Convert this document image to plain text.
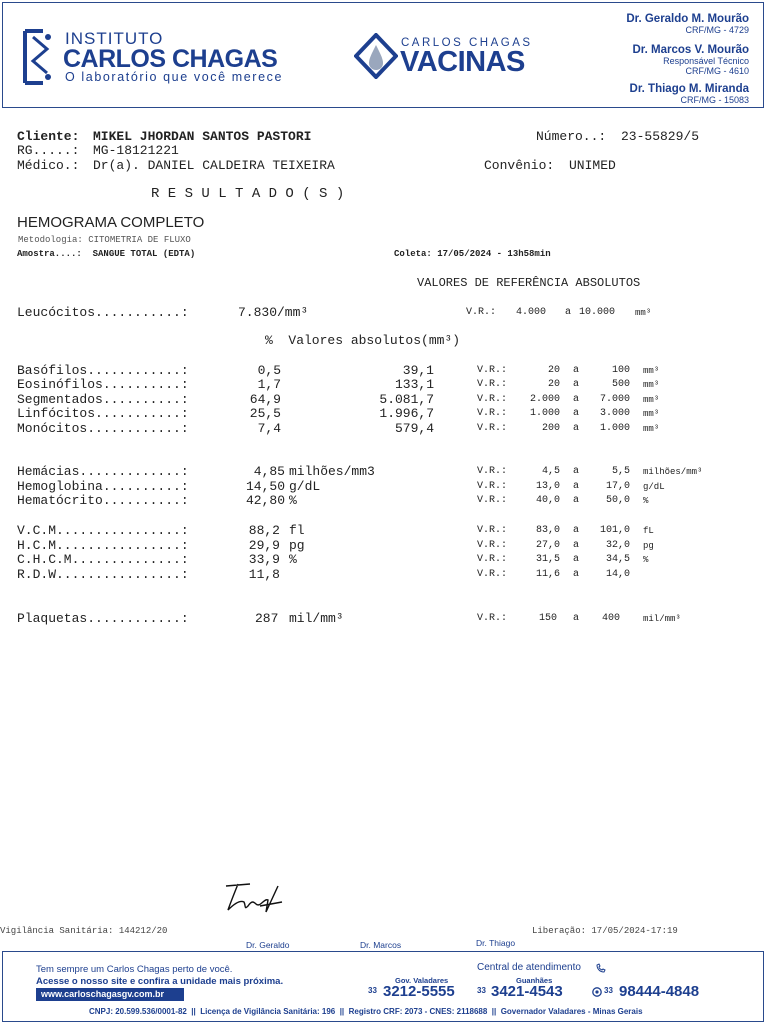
INSTITUTO
CARLOS CHAGAS
O laboratório que você merece
CARLOS CHAGAS
VACINAS
Dr. Geraldo M. Mourão
CRF/MG - 4729
Dr. Marcos V. Mourão
Responsável Técnico
CRF/MG - 4610
Dr. Thiago M. Miranda
CRF/MG - 15083
Cliente: MIKEL JHORDAN SANTOS PASTORI	Número..: 23-55829/5
RG.....: MG-18121221
Médico.: Dr(a). DANIEL CALDEIRA TEIXEIRA	Convênio: UNIMED
R E S U L T A D O ( S )
HEMOGRAMA COMPLETO
Metodologia: CITOMETRIA DE FLUXO
Amostra....:  SANGUE TOTAL (EDTA)	Coleta: 17/05/2024 - 13h58min
VALORES DE REFERÊNCIA ABSOLUTOS
Leucócitos...........:	7.830/mm³	V.R.: 4.000 a 10.000 mm³
%  Valores absolutos(mm³)
Basófilos............:	0,5	39,1	V.R.:	20 a	100 mm³
Eosinófilos..........:	1,7	133,1	V.R.:	20 a	500 mm³
Segmentados..........:	64,9	5.081,7	V.R.:	2.000 a	7.000 mm³
Linfócitos...........:	25,5	1.996,7	V.R.:	1.000 a	3.000 mm³
Monócitos............:	7,4	579,4	V.R.:	200 a	1.000 mm³
Hemácias.............:	4,85 milhões/mm3	V.R.:	4,5 a	5,5 milhões/mm³
Hemoglobina..........:	14,50 g/dL	V.R.:	13,0 a	17,0 g/dL
Hematócrito..........:	42,80 %	V.R.:	40,0 a	50,0 %
V.C.M................:	88,2 fl	V.R.:	83,0 a	101,0 fL
H.C.M................:	29,9 pg	V.R.:	27,0 a	32,0 pg
C.H.C.M..............:	33,9 %	V.R.:	31,5 a	34,5 %
R.D.W................:	11,8	V.R.:	11,6 a	14,0
Plaquetas............:	287 mil/mm³	V.R.:	150 a 400	mil/mm³
Vigilância Sanitária: 144212/20	Liberação: 17/05/2024-17:19
Dr. Geraldo	Dr. Marcos	Dr. Thiago
Tem sempre um Carlos Chagas perto de você.
Acesse o nosso site e confira a unidade mais próxima.
www.carloschagasgv.com.br
Central de atendimento
Gov. Valadares
33 3212-5555
Guanhães
33 3421-4543	33 98444-4848
CNPJ: 20.599.536/0001-82  ||  Licença de Vigilância Sanitária: 196  ||  Registro CRF: 2073 - CNES: 2118688  ||  Governador Valadares - Minas Gerais
